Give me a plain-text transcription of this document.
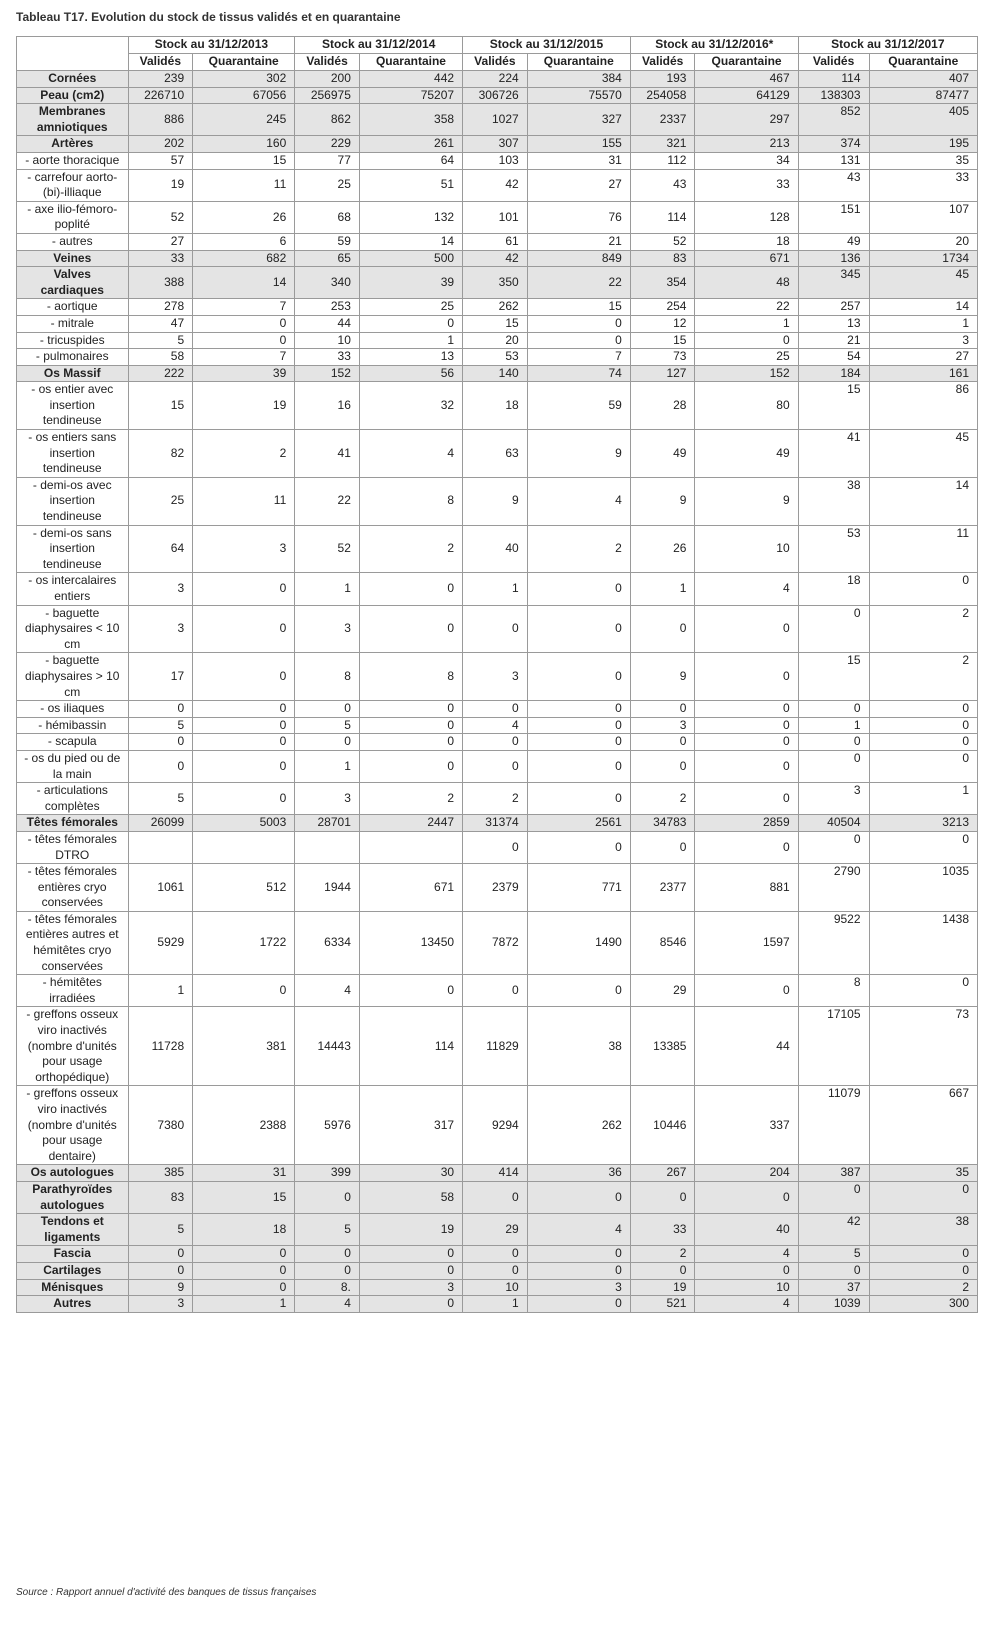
Tableau T17. Evolution du stock de tissus validés et en quarantaine
	Stock au 31/12/2013		Stock au 31/12/2014		Stock au 31/12/2015		Stock au 31/12/2016*		Stock au 31/12/2017	
	Validés	Quarantaine	Validés	Quarantaine	Validés	Quarantaine	Validés	Quarantaine	Validés	Quarantaine
Cornées	239	302	200	442	224	384	193	467	114	407
Peau (cm2)	226710	67056	256975	75207	306726	75570	254058	64129	138303	87477
Membranes amniotiques	886	245	862	358	1027	327	2337	297	852	405
Artères	202	160	229	261	307	155	321	213	374	195
- aorte thoracique	57	15	77	64	103	31	112	34	131	35
- carrefour aorto-(bi)-illiaque	19	11	25	51	42	27	43	33	43	33
- axe ilio-fémoro-poplité	52	26	68	132	101	76	114	128	151	107
- autres	27	6	59	14	61	21	52	18	49	20
Veines	33	682	65	500	42	849	83	671	136	1734
Valves cardiaques	388	14	340	39	350	22	354	48	345	45
- aortique	278	7	253	25	262	15	254	22	257	14
- mitrale	47	0	44	0	15	0	12	1	13	1
- tricuspides	5	0	10	1	20	0	15	0	21	3
- pulmonaires	58	7	33	13	53	7	73	25	54	27
Os Massif	222	39	152	56	140	74	127	152	184	161
- os entier avec insertion tendineuse	15	19	16	32	18	59	28	80	15	86
- os entiers sans insertion tendineuse	82	2	41	4	63	9	49	49	41	45
- demi-os avec insertion tendineuse	25	11	22	8	9	4	9	9	38	14
- demi-os sans insertion tendineuse	64	3	52	2	40	2	26	10	53	11
- os intercalaires entiers	3	0	1	0	1	0	1	4	18	0
- baguette diaphysaires < 10 cm	3	0	3	0	0	0	0	0	0	2
- baguette diaphysaires > 10 cm	17	0	8	8	3	0	9	0	15	2
- os iliaques	0	0	0	0	0	0	0	0	0	0
- hémibassin	5	0	5	0	4	0	3	0	1	0
- scapula	0	0	0	0	0	0	0	0	0	0
- os du pied ou de la main	0	0	1	0	0	0	0	0	0	0
- articulations complètes	5	0	3	2	2	0	2	0	3	1
Têtes fémorales	26099	5003	28701	2447	31374	2561	34783	2859	40504	3213
- têtes fémorales DTRO					0	0	0	0	0	0
- têtes fémorales entières cryo conservées	1061	512	1944	671	2379	771	2377	881	2790	1035
- têtes fémorales entières autres et hémitêtes cryo conservées	5929	1722	6334	13450	7872	1490	8546	1597	9522	1438
- hémitêtes irradiées	1	0	4	0	0	0	29	0	8	0
- greffons osseux viro inactivés (nombre d'unités pour usage orthopédique)	11728	381	14443	114	11829	38	13385	44	17105	73
- greffons osseux viro inactivés (nombre d'unités pour usage dentaire)	7380	2388	5976	317	9294	262	10446	337	11079	667
Os autologues	385	31	399	30	414	36	267	204	387	35
Parathyroïdes autologues	83	15	0	58	0	0	0	0	0	0
Tendons et ligaments	5	18	5	19	29	4	33	40	42	38
Fascia	0	0	0	0	0	0	2	4	5	0
Cartilages	0	0	0	0	0	0	0	0	0	0
Ménisques	9	0	8.	3	10	3	19	10	37	2
Autres	3	1	4	0	1	0	521	4	1039	300
Source : Rapport annuel d'activité des banques de tissus françaises
